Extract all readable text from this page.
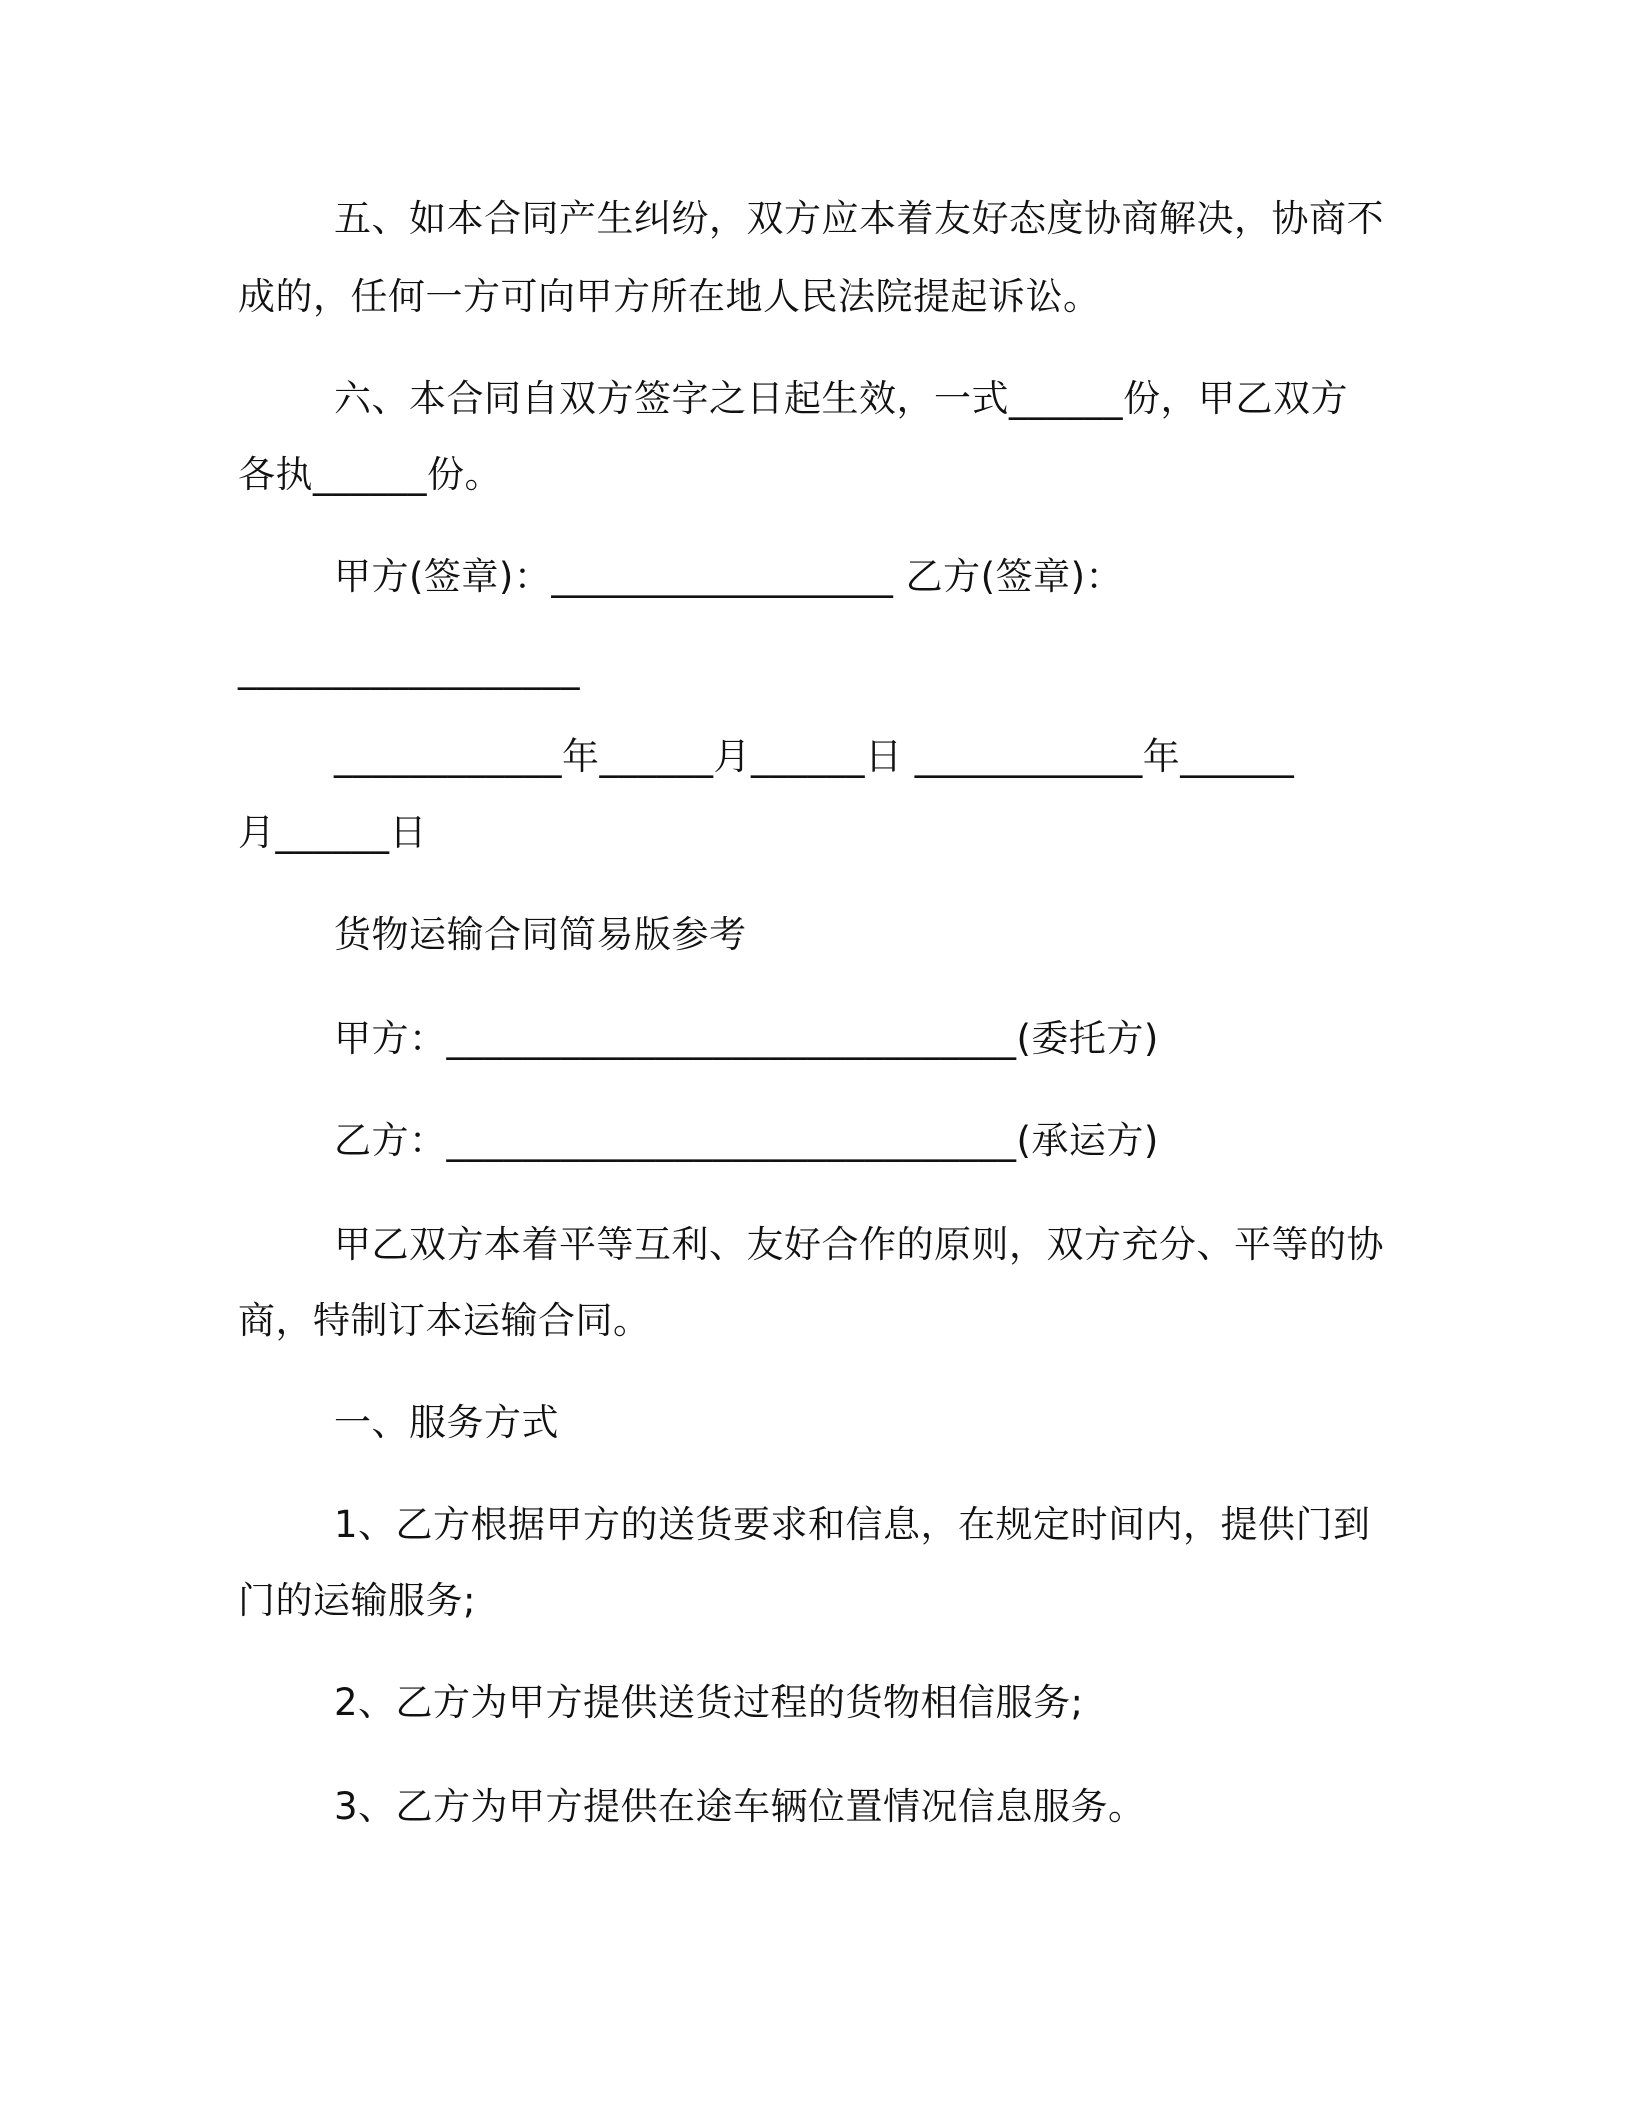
五、如本合同产生纠纷，双方应本着友好态度协商解决，协商不
成的，任何一方可向甲方所在地人民法院提起诉讼。
六、本合同自双方签字之日起生效，一式______份，甲乙双方
各执______份。
甲方(签章)：__________________ 乙方(签章)：
__________________
____________年______月______日 ____________年______
月______日
货物运输合同简易版参考
甲方：______________________________(委托方)
乙方：______________________________(承运方)
甲乙双方本着平等互利、友好合作的原则，双方充分、平等的协
商，特制订本运输合同。
一、服务方式
1、乙方根据甲方的送货要求和信息，在规定时间内，提供门到
门的运输服务;
2、乙方为甲方提供送货过程的货物相信服务;
3、乙方为甲方提供在途车辆位置情况信息服务。
